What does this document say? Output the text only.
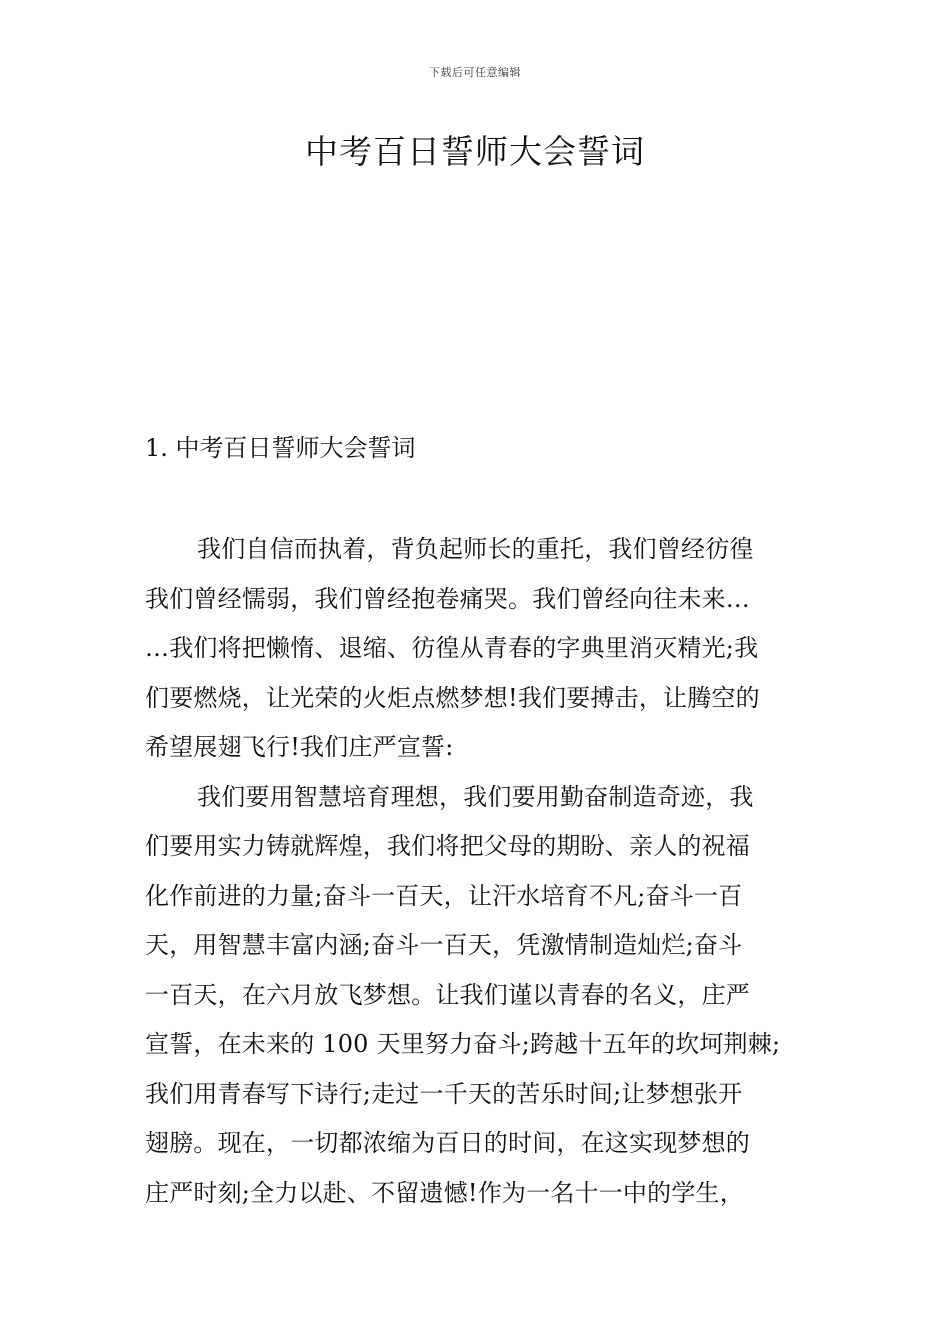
下载后可任意编辑
中考百日誓师大会誓词
1. 中考百日誓师大会誓词
我们自信而执着，背负起师长的重托，我们曾经彷徨
我们曾经懦弱，我们曾经抱卷痛哭。我们曾经向往未来…
…我们将把懒惰、退缩、彷徨从青春的字典里消灭精光;我
们要燃烧，让光荣的火炬点燃梦想!我们要搏击，让腾空的
希望展翅飞行!我们庄严宣誓:
我们要用智慧培育理想，我们要用勤奋制造奇迹，我
们要用实力铸就辉煌，我们将把父母的期盼、亲人的祝福
化作前进的力量;奋斗一百天，让汗水培育不凡;奋斗一百
天，用智慧丰富内涵;奋斗一百天，凭激情制造灿烂;奋斗
一百天，在六月放飞梦想。让我们谨以青春的名义，庄严
宣誓，在未来的 100 天里努力奋斗;跨越十五年的坎坷荆棘;
我们用青春写下诗行;走过一千天的苦乐时间;让梦想张开
翅膀。现在，一切都浓缩为百日的时间，在这实现梦想的
庄严时刻;全力以赴、不留遗憾!作为一名十一中的学生，
